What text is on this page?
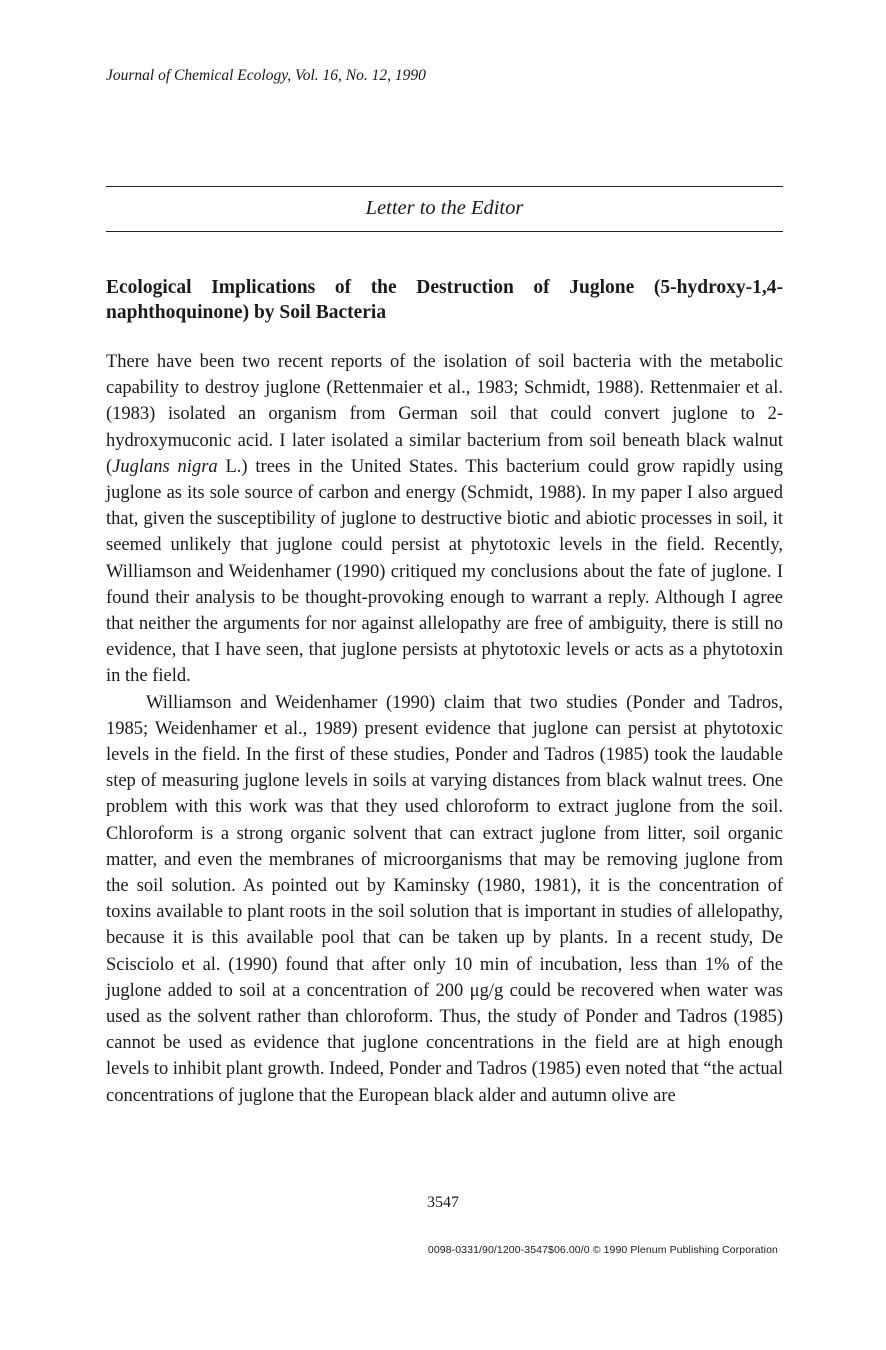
Journal of Chemical Ecology, Vol. 16, No. 12, 1990
Letter to the Editor
Ecological Implications of the Destruction of Juglone (5-hydroxy-1,4-naphthoquinone) by Soil Bacteria

There have been two recent reports of the isolation of soil bacteria with the metabolic capability to destroy juglone (Rettenmaier et al., 1983; Schmidt, 1988). Rettenmaier et al. (1983) isolated an organism from German soil that could convert juglone to 2-hydroxymuconic acid. I later isolated a similar bacterium from soil beneath black walnut (Juglans nigra L.) trees in the United States. This bacterium could grow rapidly using juglone as its sole source of carbon and energy (Schmidt, 1988). In my paper I also argued that, given the susceptibility of juglone to destructive biotic and abiotic processes in soil, it seemed unlikely that juglone could persist at phytotoxic levels in the field. Recently, Williamson and Weidenhamer (1990) critiqued my conclusions about the fate of juglone. I found their analysis to be thought-provoking enough to warrant a reply. Although I agree that neither the arguments for nor against allelopathy are free of ambiguity, there is still no evidence, that I have seen, that juglone persists at phytotoxic levels or acts as a phytotoxin in the field.

Williamson and Weidenhamer (1990) claim that two studies (Ponder and Tadros, 1985; Weidenhamer et al., 1989) present evidence that juglone can persist at phytotoxic levels in the field. In the first of these studies, Ponder and Tadros (1985) took the laudable step of measuring juglone levels in soils at varying distances from black walnut trees. One problem with this work was that they used chloroform to extract juglone from the soil. Chloroform is a strong organic solvent that can extract juglone from litter, soil organic matter, and even the membranes of microorganisms that may be removing juglone from the soil solution. As pointed out by Kaminsky (1980, 1981), it is the concentration of toxins available to plant roots in the soil solution that is important in studies of allelopathy, because it is this available pool that can be taken up by plants. In a recent study, De Scisciolo et al. (1990) found that after only 10 min of incubation, less than 1% of the juglone added to soil at a concentration of 200 μg/g could be recovered when water was used as the solvent rather than chloroform. Thus, the study of Ponder and Tadros (1985) cannot be used as evidence that juglone concentrations in the field are at high enough levels to inhibit plant growth. Indeed, Ponder and Tadros (1985) even noted that “the actual concentrations of juglone that the European black alder and autumn olive are

3547
0098-0331/90/1200-3547$06.00/0 © 1990 Plenum Publishing Corporation
